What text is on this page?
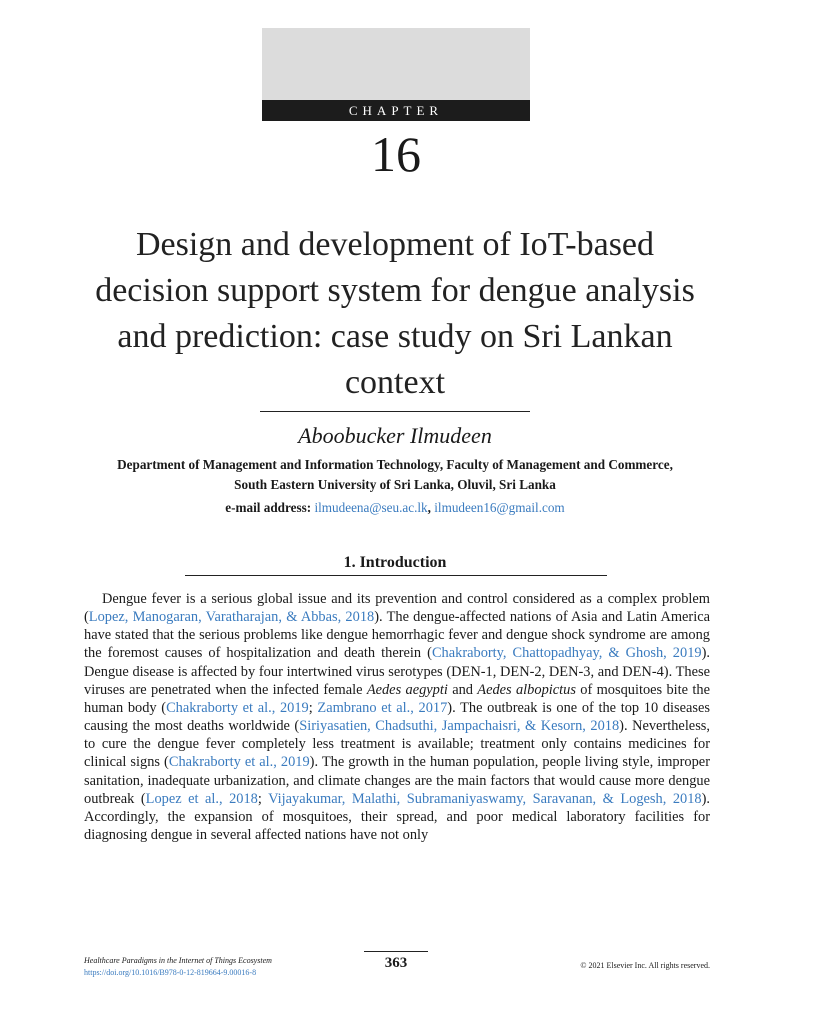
CHAPTER
16
Design and development of IoT-based decision support system for dengue analysis and prediction: case study on Sri Lankan context
Aboobucker Ilmudeen
Department of Management and Information Technology, Faculty of Management and Commerce, South Eastern University of Sri Lanka, Oluvil, Sri Lanka
e-mail address: ilmudeena@seu.ac.lk, ilmudeen16@gmail.com
1. Introduction
Dengue fever is a serious global issue and its prevention and control considered as a complex problem (Lopez, Manogaran, Varatharajan, & Abbas, 2018). The dengue-affected nations of Asia and Latin America have stated that the serious problems like dengue hemorrhagic fever and dengue shock syndrome are among the foremost causes of hospitalization and death therein (Chakraborty, Chattopadhyay, & Ghosh, 2019). Dengue disease is affected by four intertwined virus serotypes (DEN-1, DEN-2, DEN-3, and DEN-4). These viruses are penetrated when the infected female Aedes aegypti and Aedes albopictus of mosquitoes bite the human body (Chakraborty et al., 2019; Zambrano et al., 2017). The outbreak is one of the top 10 diseases causing the most deaths worldwide (Siriyasatien, Chadsuthi, Jampachaisri, & Kesorn, 2018). Nevertheless, to cure the dengue fever completely less treatment is available; treatment only contains medicines for clinical signs (Chakraborty et al., 2019). The growth in the human population, people living style, improper sanitation, inadequate urbanization, and climate changes are the main factors that would cause more dengue outbreak (Lopez et al., 2018; Vijayakumar, Malathi, Subramaniyaswamy, Saravanan, & Logesh, 2018). Accordingly, the expansion of mosquitoes, their spread, and poor medical laboratory facilities for diagnosing dengue in several affected nations have not only
Healthcare Paradigms in the Internet of Things Ecosystem
https://doi.org/10.1016/B978-0-12-819664-9.00016-8
363	© 2021 Elsevier Inc. All rights reserved.
